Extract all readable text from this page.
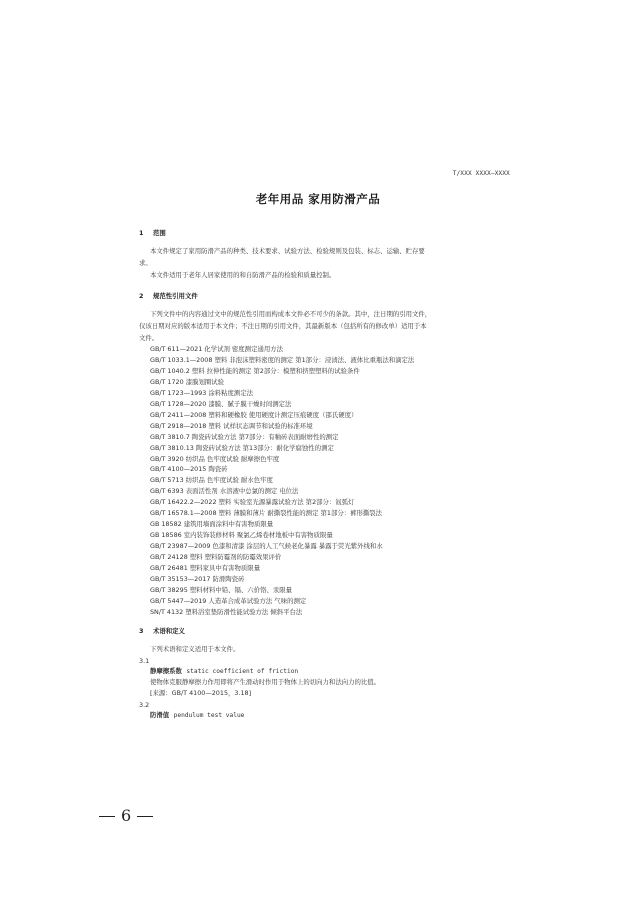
T/XXX XXXX—XXXX
老年用品 家用防滑产品
1 范围
本文件规定了家用防滑产品的种类、技术要求、试验方法、检验规则及包装、标志、运输、贮存要
求。
本文件适用于老年人居家使用的和自防滑产品的检验和质量控制。
2 规范性引用文件
下列文件中的内容通过文中的规范性引用而构成本文件必不可少的条款。其中，注日期的引用文件，
仅该日期对应的版本适用于本文件；不注日期的引用文件，其最新版本（包括所有的修改单）适用于本
文件。
GB/T 611—2021 化学试剂 密度测定通用方法
GB/T 1033.1—2008 塑料 非泡沫塑料密度的测定 第1部分：浸渍法、液体比重瓶法和滴定法
GB/T 1040.2 塑料 拉伸性能的测定 第2部分：模塑和挤塑塑料的试验条件
GB/T 1720 漆膜划圈试验
GB/T 1723—1993 涂料粘度测定法
GB/T 1728—2020 漆膜、腻子膜干燥时间测定法
GB/T 2411—2008 塑料和硬橡胶 使用硬度计测定压痕硬度（邵氏硬度）
GB/T 2918—2018 塑料 试样状态调节和试验的标准环境
GB/T 3810.7 陶瓷砖试验方法 第7部分：有釉砖表面耐磨性的测定
GB/T 3810.13 陶瓷砖试验方法 第13部分：耐化学腐蚀性的测定
GB/T 3920 纺织品 色牢度试验 耐摩擦色牢度
GB/T 4100—2015 陶瓷砖
GB/T 5713 纺织品 色牢度试验 耐水色牢度
GB/T 6393 表面活性剂 水溶液中总氯的测定 电位法
GB/T 16422.2—2022 塑料 实验室光源暴露试验方法 第2部分：氙弧灯
GB/T 16578.1—2008 塑料 薄膜和薄片 耐撕裂性能的测定 第1部分：裤形撕裂法
GB 18582 建筑用墙面涂料中有害物质限量
GB 18586 室内装饰装修材料 聚氯乙烯卷材地板中有害物质限量
GB/T 23987—2009 色漆和清漆 涂层的人工气候老化暴露 暴露于荧光紫外线和水
GB/T 24128 塑料 塑料防霉剂的防霉效果评价
GB/T 26481 塑料家具中有害物质限量
GB/T 35153—2017 防滑陶瓷砖
GB/T 38295 塑料材料中铅、镉、六价铬、汞限量
GB/T 5447—2019 人造革合成革试验方法 气味的测定
SN/T 4132 塑料浴室垫防滑性能试验方法 倾斜平台法
3 术语和定义
下列术语和定义适用于本文件。
3.1
静摩擦系数 static coefficient of friction
使物体克服静摩擦力作用即将产生滑动时作用于物体上的切向力和法向力的比值。
[来源：GB/T 4100—2015，3.18]
3.2
防滑值 pendulum test value
6
